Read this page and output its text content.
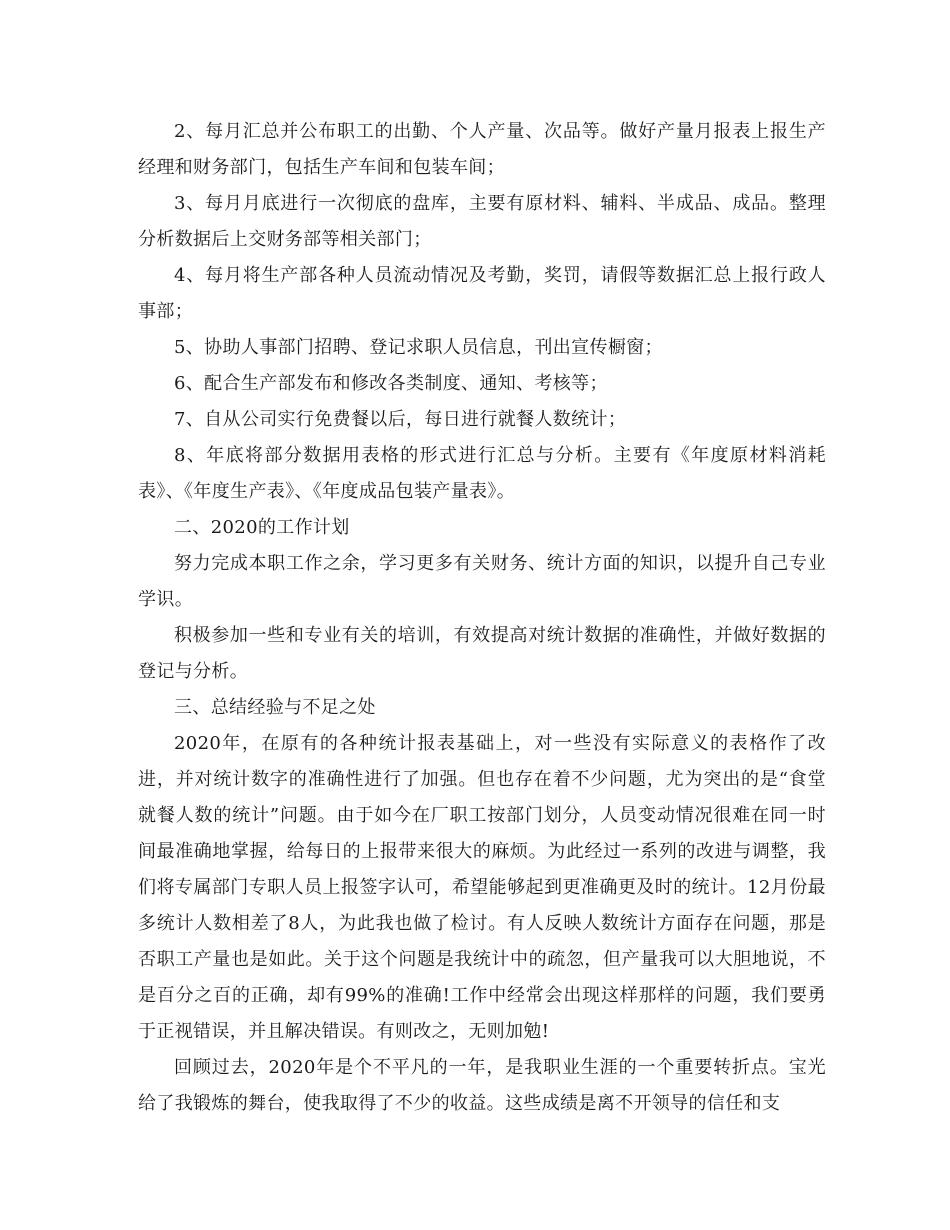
2、每月汇总并公布职工的出勤、个人产量、次品等。做好产量月报表上报生产经理和财务部门，包括生产车间和包装车间；

3、每月月底进行一次彻底的盘库，主要有原材料、辅料、半成品、成品。整理分析数据后上交财务部等相关部门；

4、每月将生产部各种人员流动情况及考勤，奖罚，请假等数据汇总上报行政人事部；

5、协助人事部门招聘、登记求职人员信息，刊出宣传橱窗；

6、配合生产部发布和修改各类制度、通知、考核等；

7、自从公司实行免费餐以后，每日进行就餐人数统计；

8、年底将部分数据用表格的形式进行汇总与分析。主要有《年度原材料消耗表》、《年度生产表》、《年度成品包装产量表》。

二、2020的工作计划

努力完成本职工作之余，学习更多有关财务、统计方面的知识，以提升自己专业学识。

积极参加一些和专业有关的培训，有效提高对统计数据的准确性，并做好数据的登记与分析。

三、总结经验与不足之处

2020年，在原有的各种统计报表基础上，对一些没有实际意义的表格作了改进，并对统计数字的准确性进行了加强。但也存在着不少问题，尤为突出的是“食堂就餐人数的统计”问题。由于如今在厂职工按部门划分，人员变动情况很难在同一时间最准确地掌握，给每日的上报带来很大的麻烦。为此经过一系列的改进与调整，我们将专属部门专职人员上报签字认可，希望能够起到更准确更及时的统计。12月份最多统计人数相差了8人，为此我也做了检讨。有人反映人数统计方面存在问题，那是否职工产量也是如此。关于这个问题是我统计中的疏忽，但产量我可以大胆地说，不是百分之百的正确，却有99%的准确!工作中经常会出现这样那样的问题，我们要勇于正视错误，并且解决错误。有则改之，无则加勉!

回顾过去，2020年是个不平凡的一年，是我职业生涯的一个重要转折点。宝光给了我锻炼的舞台，使我取得了不少的收益。这些成绩是离不开领导的信任和支
